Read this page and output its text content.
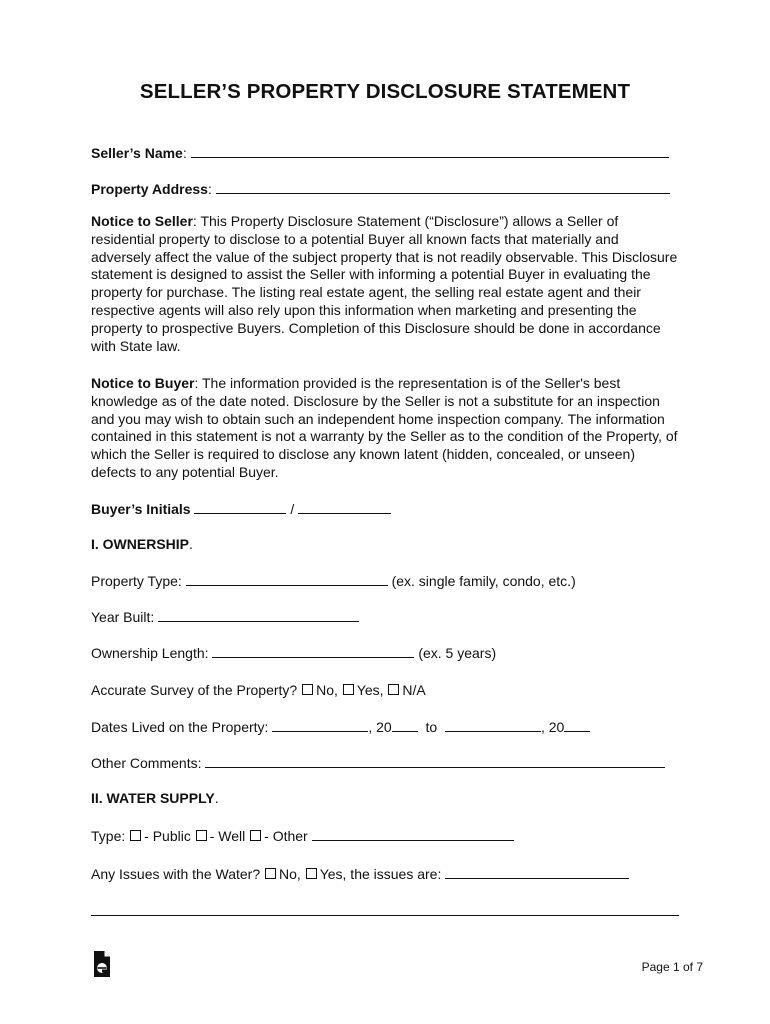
SELLER’S PROPERTY DISCLOSURE STATEMENT
Seller’s Name:
Property Address:
Notice to Seller: This Property Disclosure Statement (“Disclosure”) allows a Seller of residential property to disclose to a potential Buyer all known facts that materially and adversely affect the value of the subject property that is not readily observable. This Disclosure statement is designed to assist the Seller with informing a potential Buyer in evaluating the property for purchase. The listing real estate agent, the selling real estate agent and their respective agents will also rely upon this information when marketing and presenting the property to prospective Buyers. Completion of this Disclosure should be done in accordance with State law.
Notice to Buyer: The information provided is the representation is of the Seller's best knowledge as of the date noted. Disclosure by the Seller is not a substitute for an inspection and you may wish to obtain such an independent home inspection company. The information contained in this statement is not a warranty by the Seller as to the condition of the Property, of which the Seller is required to disclose any known latent (hidden, concealed, or unseen) defects to any potential Buyer.
Buyer’s Initials	/
I. OWNERSHIP.
Property Type:	(ex. single family, condo, etc.)
Year Built:
Ownership Length:	(ex. 5 years)
Accurate Survey of the Property? No, Yes, N/A
Dates Lived on the Property:	, 20 to	, 20
Other Comments:
II. WATER SUPPLY.
Type: - Public - Well - Other
Any Issues with the Water? No, Yes, the issues are:
Page 1 of 7
